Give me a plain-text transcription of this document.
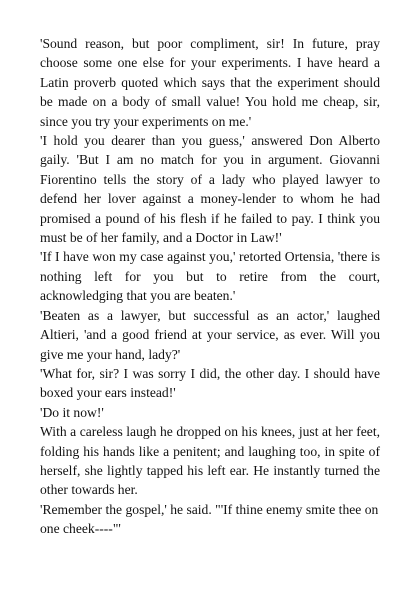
'Sound reason, but poor compliment, sir! In future, pray choose some one else for your experiments. I have heard a Latin proverb quoted which says that the experiment should be made on a body of small value! You hold me cheap, sir, since you try your experiments on me.'

'I hold you dearer than you guess,' answered Don Alberto gaily. 'But I am no match for you in argument. Giovanni Fiorentino tells the story of a lady who played lawyer to defend her lover against a money-lender to whom he had promised a pound of his flesh if he failed to pay. I think you must be of her family, and a Doctor in Law!'

'If I have won my case against you,' retorted Ortensia, 'there is nothing left for you but to retire from the court, acknowledging that you are beaten.'

'Beaten as a lawyer, but successful as an actor,' laughed Altieri, 'and a good friend at your service, as ever. Will you give me your hand, lady?'

'What for, sir? I was sorry I did, the other day. I should have boxed your ears instead!'

'Do it now!'

With a careless laugh he dropped on his knees, just at her feet, folding his hands like a penitent; and laughing too, in spite of herself, she lightly tapped his left ear. He instantly turned the other towards her.

'Remember the gospel,' he said. "'If thine enemy smite thee on one cheek----"'
